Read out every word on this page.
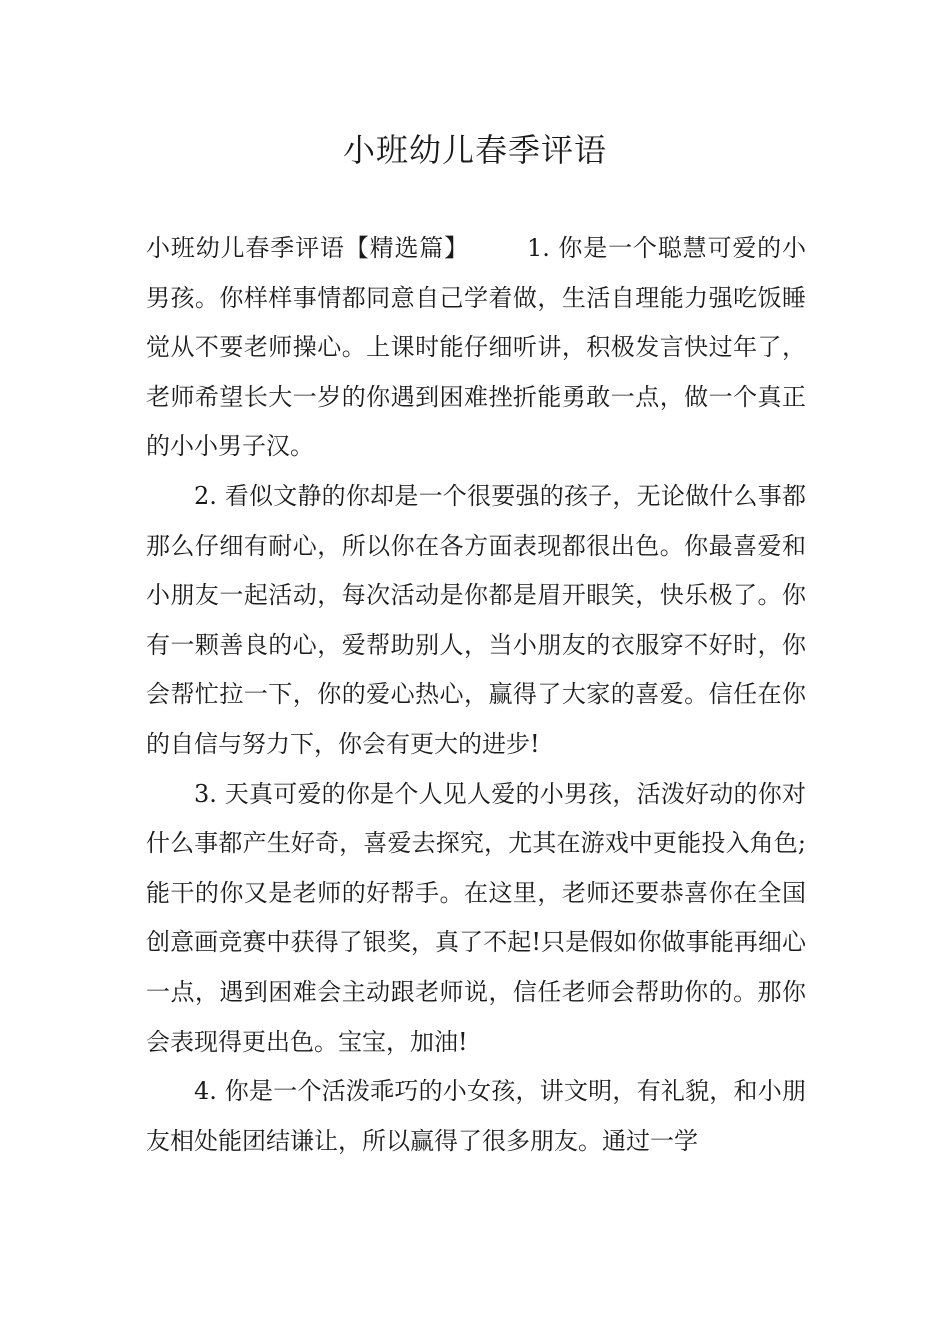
小班幼儿春季评语

小班幼儿春季评语【精选篇】 1. 你是一个聪慧可爱的小男孩。你样样事情都同意自己学着做，生活自理能力强吃饭睡觉从不要老师操心。上课时能仔细听讲，积极发言快过年了，老师希望长大一岁的你遇到困难挫折能勇敢一点，做一个真正的小小男子汉。

2. 看似文静的你却是一个很要强的孩子，无论做什么事都那么仔细有耐心，所以你在各方面表现都很出色。你最喜爱和小朋友一起活动，每次活动是你都是眉开眼笑，快乐极了。你有一颗善良的心，爱帮助别人，当小朋友的衣服穿不好时，你会帮忙拉一下，你的爱心热心，赢得了大家的喜爱。信任在你的自信与努力下，你会有更大的进步!

3. 天真可爱的你是个人见人爱的小男孩，活泼好动的你对什么事都产生好奇，喜爱去探究，尤其在游戏中更能投入角色;能干的你又是老师的好帮手。在这里，老师还要恭喜你在全国创意画竞赛中获得了银奖，真了不起!只是假如你做事能再细心一点，遇到困难会主动跟老师说，信任老师会帮助你的。那你会表现得更出色。宝宝，加油!

4. 你是一个活泼乖巧的小女孩，讲文明，有礼貌，和小朋友相处能团结谦让，所以赢得了很多朋友。通过一学
